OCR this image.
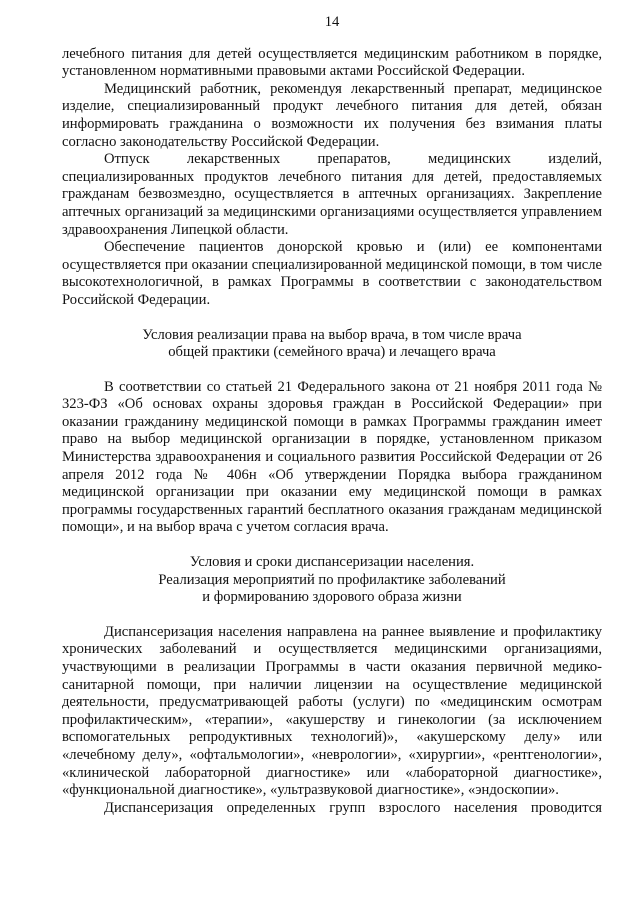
14

лечебного питания для детей осуществляется медицинским работником в порядке, установленном нормативными правовыми актами Российской Федерации.

Медицинский работник, рекомендуя лекарственный препарат, медицинское изделие, специализированный продукт лечебного питания для детей, обязан информировать гражданина о возможности их получения без взимания платы согласно законодательству Российской Федерации.

Отпуск лекарственных препаратов, медицинских изделий, специализированных продуктов лечебного питания для детей, предоставляемых гражданам безвозмездно, осуществляется в аптечных организациях. Закрепление аптечных организаций за медицинскими организациями осуществляется управлением здравоохранения Липецкой области.

Обеспечение пациентов донорской кровью и (или) ее компонентами осуществляется при оказании специализированной медицинской помощи, в том числе высокотехнологичной, в рамках Программы в соответствии с законодательством Российской Федерации.

Условия реализации права на выбор врача, в том числе врача
общей практики (семейного врача) и лечащего врача

В соответствии со статьей 21 Федерального закона от 21 ноября 2011 года № 323-ФЗ «Об основах охраны здоровья граждан в Российской Федерации» при оказании гражданину медицинской помощи в рамках Программы гражданин имеет право на выбор медицинской организации в порядке, установленном приказом Министерства здравоохранения и социального развития Российской Федерации от 26 апреля 2012 года № 406н «Об утверждении Порядка выбора гражданином медицинской организации при оказании ему медицинской помощи в рамках программы государственных гарантий бесплатного оказания гражданам медицинской помощи», и на выбор врача с учетом согласия врача.

Условия и сроки диспансеризации населения.
Реализация мероприятий по профилактике заболеваний
и формированию здорового образа жизни

Диспансеризация населения направлена на раннее выявление и профилактику хронических заболеваний и осуществляется медицинскими организациями, участвующими в реализации Программы в части оказания первичной медико-санитарной помощи, при наличии лицензии на осуществление медицинской деятельности, предусматривающей работы (услуги) по «медицинским осмотрам профилактическим», «терапии», «акушерству и гинекологии (за исключением вспомогательных репродуктивных технологий)», «акушерскому делу» или «лечебному делу», «офтальмологии», «неврологии», «хирургии», «рентгенологии», «клинической лабораторной диагностике» или «лабораторной диагностике», «функциональной диагностике», «ультразвуковой диагностике», «эндоскопии».

Диспансеризация определенных групп взрослого населения проводится
